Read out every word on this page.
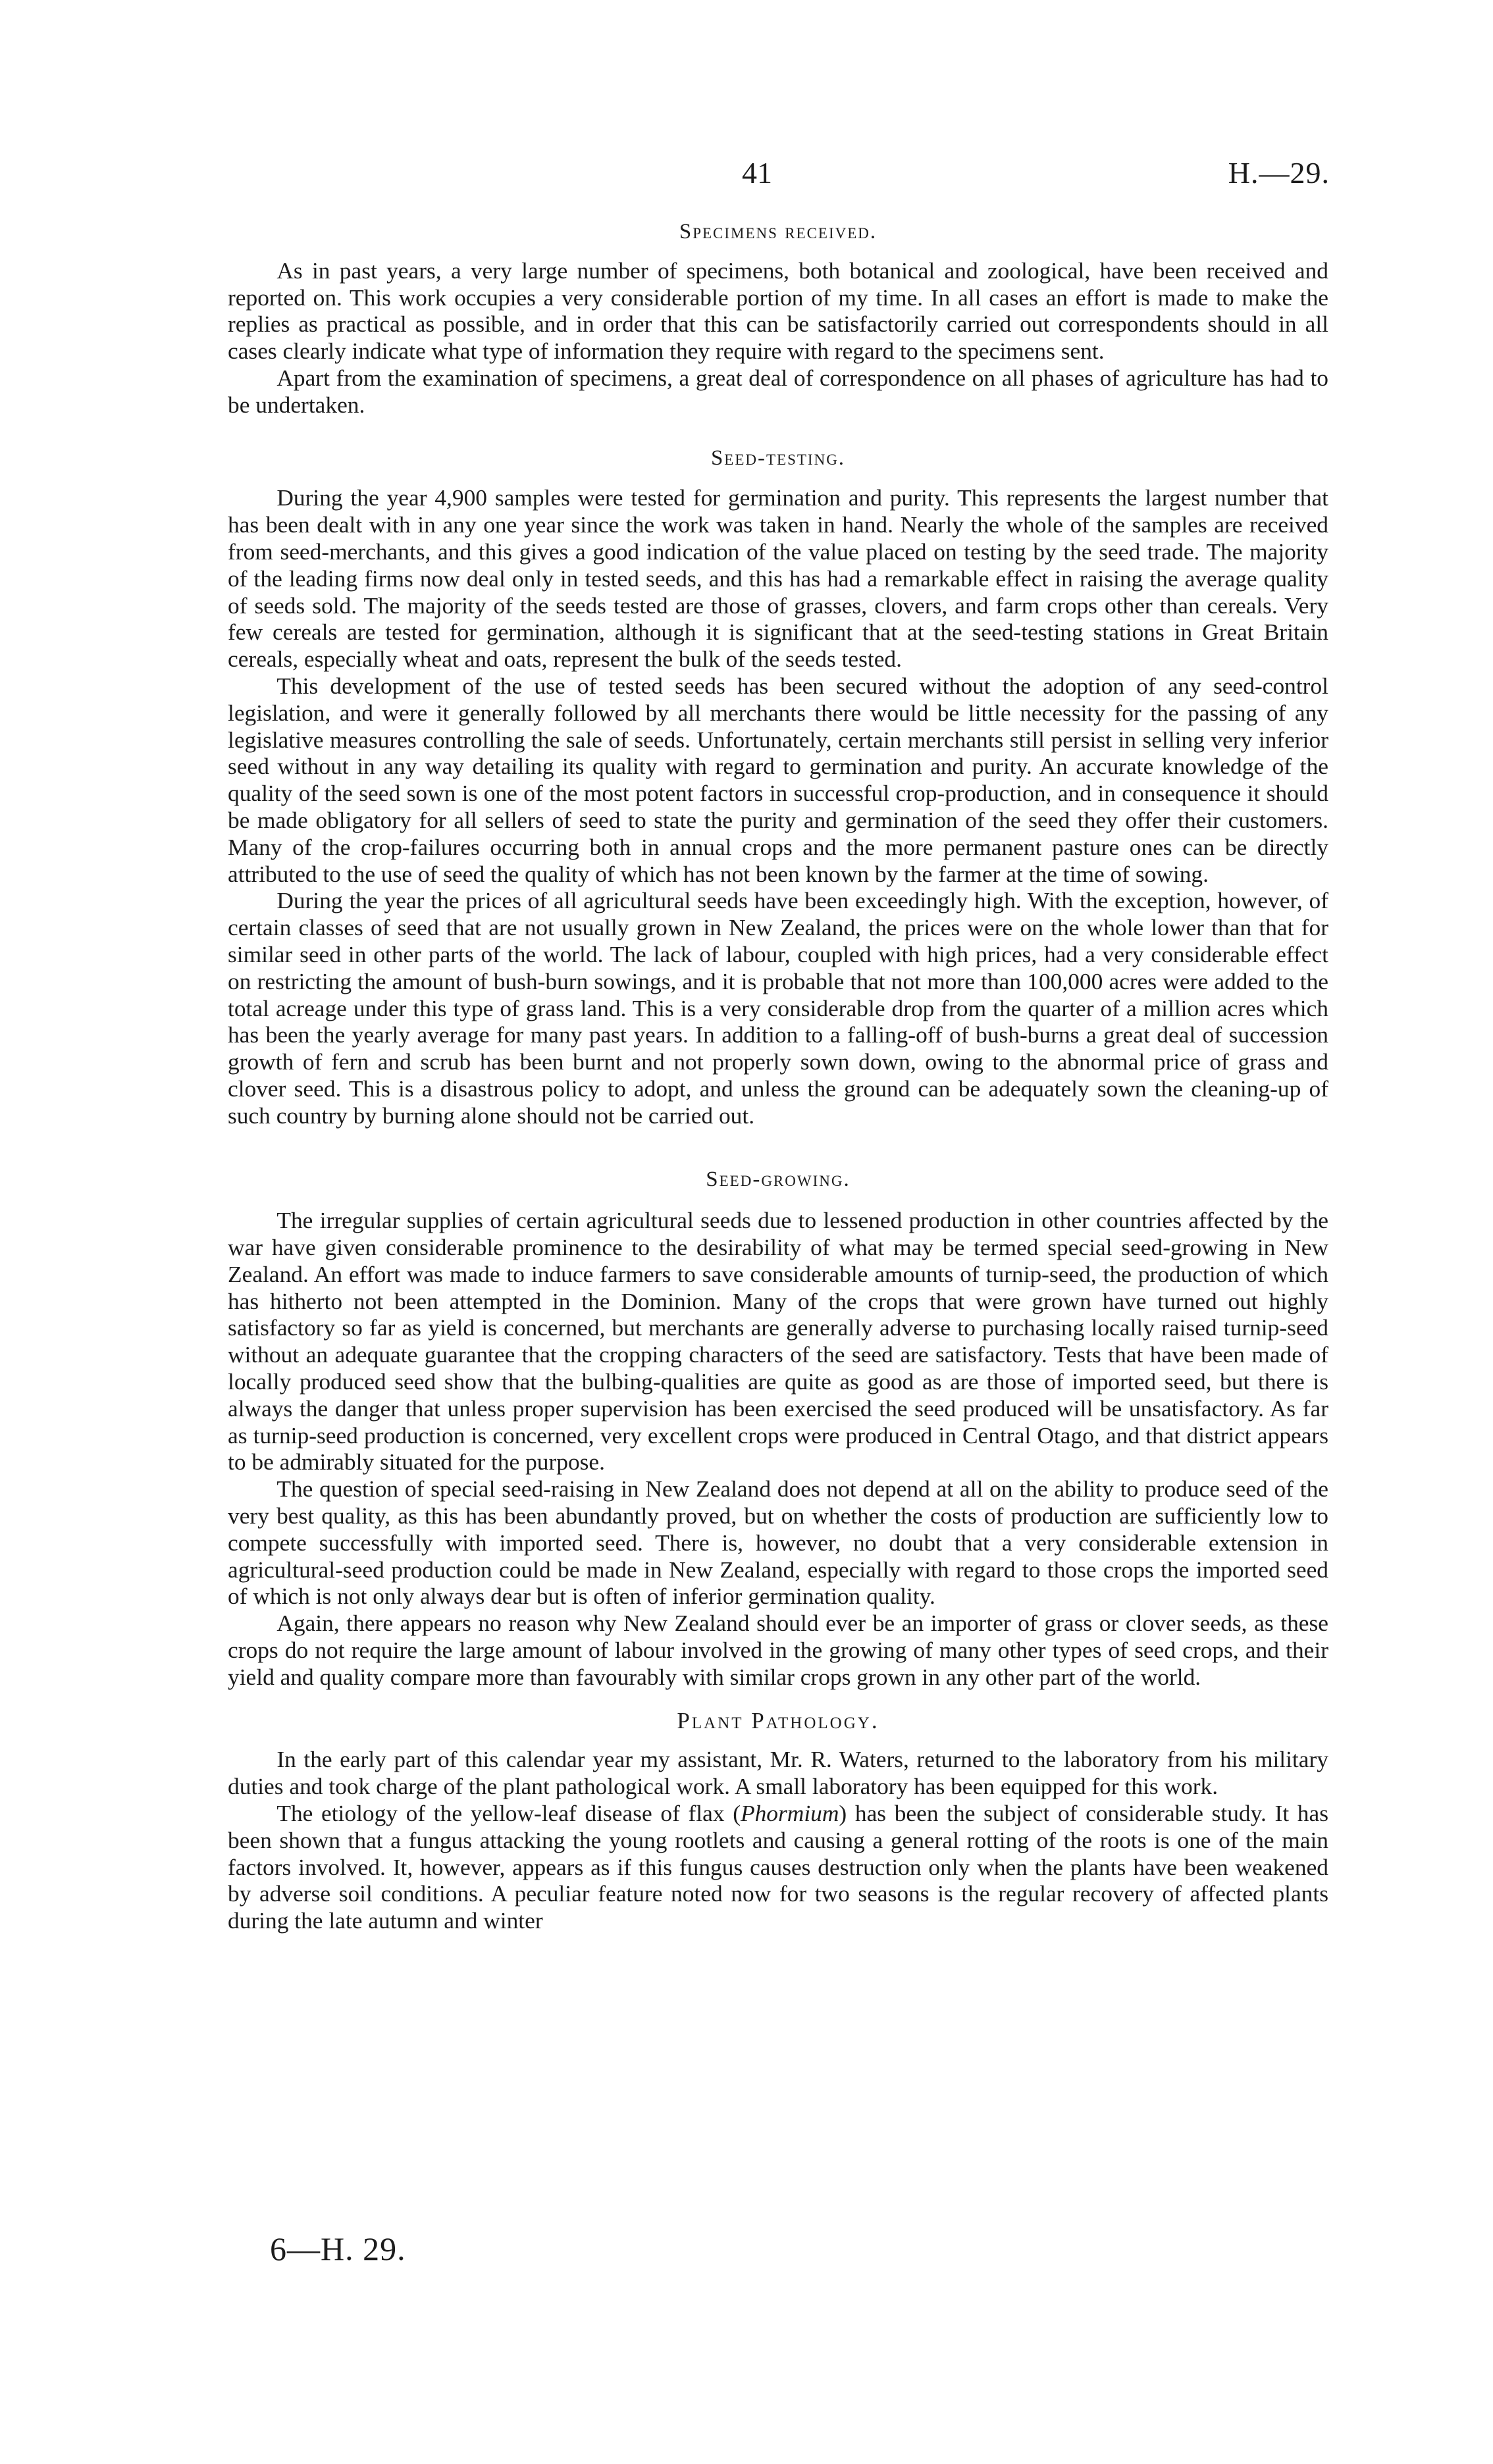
41	H.—29.
Specimens received.

As in past years, a very large number of specimens, both botanical and zoological, have been received and reported on. This work occupies a very considerable portion of my time. In all cases an effort is made to make the replies as practical as possible, and in order that this can be satisfactorily carried out correspondents should in all cases clearly indicate what type of information they require with regard to the specimens sent.

Apart from the examination of specimens, a great deal of correspondence on all phases of agriculture has had to be undertaken.

Seed-testing.

During the year 4,900 samples were tested for germination and purity. This represents the largest number that has been dealt with in any one year since the work was taken in hand. Nearly the whole of the samples are received from seed-merchants, and this gives a good indication of the value placed on testing by the seed trade. The majority of the leading firms now deal only in tested seeds, and this has had a remarkable effect in raising the average quality of seeds sold. The majority of the seeds tested are those of grasses, clovers, and farm crops other than cereals. Very few cereals are tested for germination, although it is significant that at the seed-testing stations in Great Britain cereals, especially wheat and oats, represent the bulk of the seeds tested.

This development of the use of tested seeds has been secured without the adoption of any seed-control legislation, and were it generally followed by all merchants there would be little necessity for the passing of any legislative measures controlling the sale of seeds. Unfortunately, certain merchants still persist in selling very inferior seed without in any way detailing its quality with regard to germination and purity. An accurate knowledge of the quality of the seed sown is one of the most potent factors in successful crop-production, and in consequence it should be made obligatory for all sellers of seed to state the purity and germination of the seed they offer their customers. Many of the crop-failures occurring both in annual crops and the more permanent pasture ones can be directly attributed to the use of seed the quality of which has not been known by the farmer at the time of sowing.

During the year the prices of all agricultural seeds have been exceedingly high. With the exception, however, of certain classes of seed that are not usually grown in New Zealand, the prices were on the whole lower than that for similar seed in other parts of the world. The lack of labour, coupled with high prices, had a very considerable effect on restricting the amount of bush-burn sowings, and it is probable that not more than 100,000 acres were added to the total acreage under this type of grass land. This is a very considerable drop from the quarter of a million acres which has been the yearly average for many past years. In addition to a falling-off of bush-burns a great deal of succession growth of fern and scrub has been burnt and not properly sown down, owing to the abnormal price of grass and clover seed. This is a disastrous policy to adopt, and unless the ground can be adequately sown the cleaning-up of such country by burning alone should not be carried out.

Seed-growing.

The irregular supplies of certain agricultural seeds due to lessened production in other countries affected by the war have given considerable prominence to the desirability of what may be termed special seed-growing in New Zealand. An effort was made to induce farmers to save considerable amounts of turnip-seed, the production of which has hitherto not been attempted in the Dominion. Many of the crops that were grown have turned out highly satisfactory so far as yield is concerned, but merchants are generally adverse to purchasing locally raised turnip-seed without an adequate guarantee that the cropping characters of the seed are satisfactory. Tests that have been made of locally produced seed show that the bulbing-qualities are quite as good as are those of imported seed, but there is always the danger that unless proper supervision has been exercised the seed produced will be unsatisfactory. As far as turnip-seed production is concerned, very excellent crops were produced in Central Otago, and that district appears to be admirably situated for the purpose.

The question of special seed-raising in New Zealand does not depend at all on the ability to produce seed of the very best quality, as this has been abundantly proved, but on whether the costs of production are sufficiently low to compete successfully with imported seed. There is, however, no doubt that a very considerable extension in agricultural-seed production could be made in New Zealand, especially with regard to those crops the imported seed of which is not only always dear but is often of inferior germination quality.

Again, there appears no reason why New Zealand should ever be an importer of grass or clover seeds, as these crops do not require the large amount of labour involved in the growing of many other types of seed crops, and their yield and quality compare more than favourably with similar crops grown in any other part of the world.

Plant Pathology.

In the early part of this calendar year my assistant, Mr. R. Waters, returned to the laboratory from his military duties and took charge of the plant pathological work. A small laboratory has been equipped for this work.

The etiology of the yellow-leaf disease of flax (Phormium) has been the subject of considerable study. It has been shown that a fungus attacking the young rootlets and causing a general rotting of the roots is one of the main factors involved. It, however, appears as if this fungus causes destruction only when the plants have been weakened by adverse soil conditions. A peculiar feature noted now for two seasons is the regular recovery of affected plants during the late autumn and winter

6—H. 29.
